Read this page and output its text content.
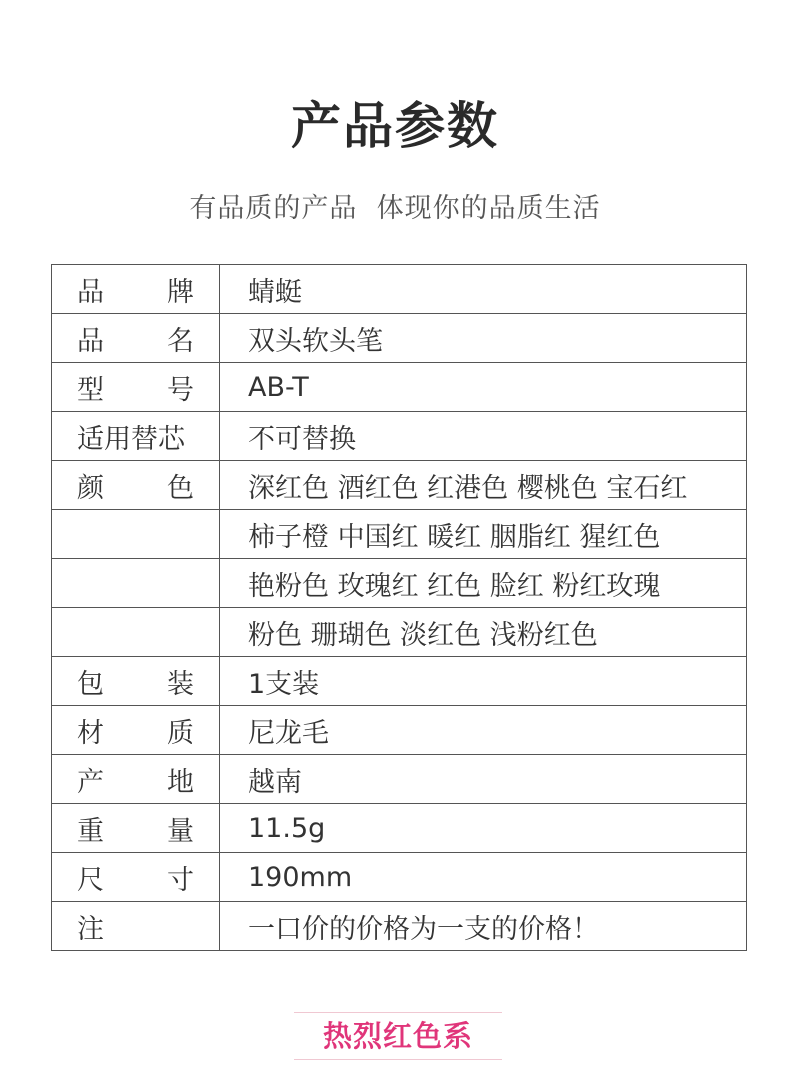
产品参数
有品质的产品  体现你的品质生活
品 牌	蜻蜓

品 名	双头软头笔

型 号	AB-T

适用替芯	不可替换

颜 色	深红色 酒红色 红港色 樱桃色 宝石红

	柿子橙 中国红 暖红 胭脂红 猩红色

	艳粉色 玫瑰红 红色 脸红 粉红玫瑰

	粉色 珊瑚色 淡红色 浅粉红色

包 装	1支装

材 质	尼龙毛

产 地	越南

重 量	11.5g

尺 寸	190mm

注	一口价的价格为一支的价格！
热烈红色系
